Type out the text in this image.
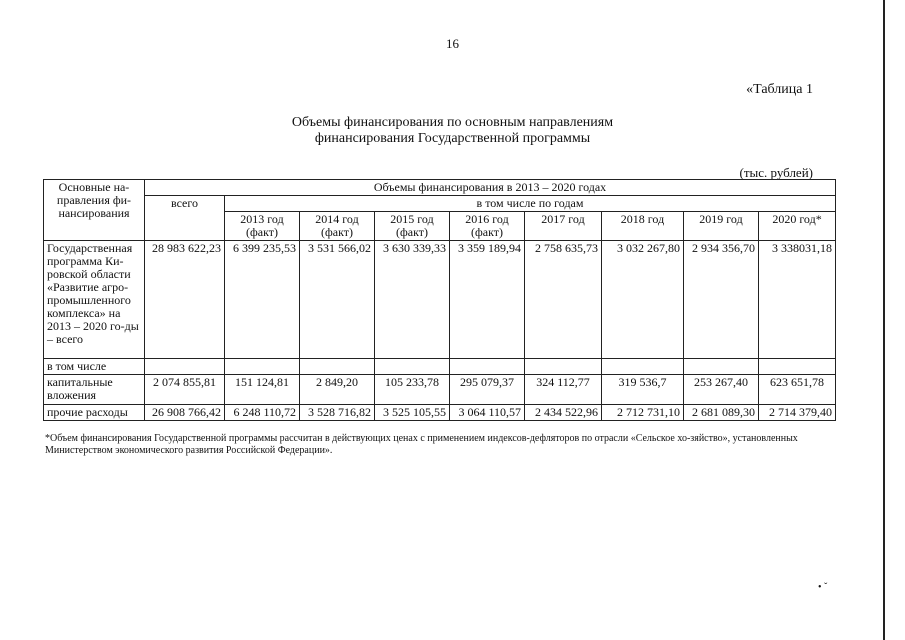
16
«Таблица 1
Объемы финансирования по основным направлениям
финансирования Государственной программы
(тыс. рублей)
Основные на-правления фи-нансирования	Объемы финансирования в 2013 – 2020 годах								
	всего	в том числе по годам							
		2013 год (факт)	2014 год (факт)	2015 год (факт)	2016 год (факт)	2017 год	2018 год	2019 год	2020 год*
Государственная программа Ки-ровской области «Развитие агро-промышленного комплекса» на 2013 – 2020 го-ды – всего	28 983 622,23	6 399 235,53	3 531 566,02	3 630 339,33	3 359 189,94	2 758 635,73	3 032 267,80	2 934 356,70	3 338031,18
в том числе									
капитальные вложения	2 074 855,81	151 124,81	2 849,20	105 233,78	295 079,37	324 112,77	319 536,7	253 267,40	623 651,78
прочие расходы	26 908 766,42	6 248 110,72	3 528 716,82	3 525 105,55	3 064 110,57	2 434 522,96	2 712 731,10	2 681 089,30	2 714 379,40
*Объем финансирования Государственной программы рассчитан в действующих ценах с применением индексов-дефляторов по отрасли «Сельское хо-зяйство», установленных Министерством экономического развития Российской Федерации».
• ˇ
